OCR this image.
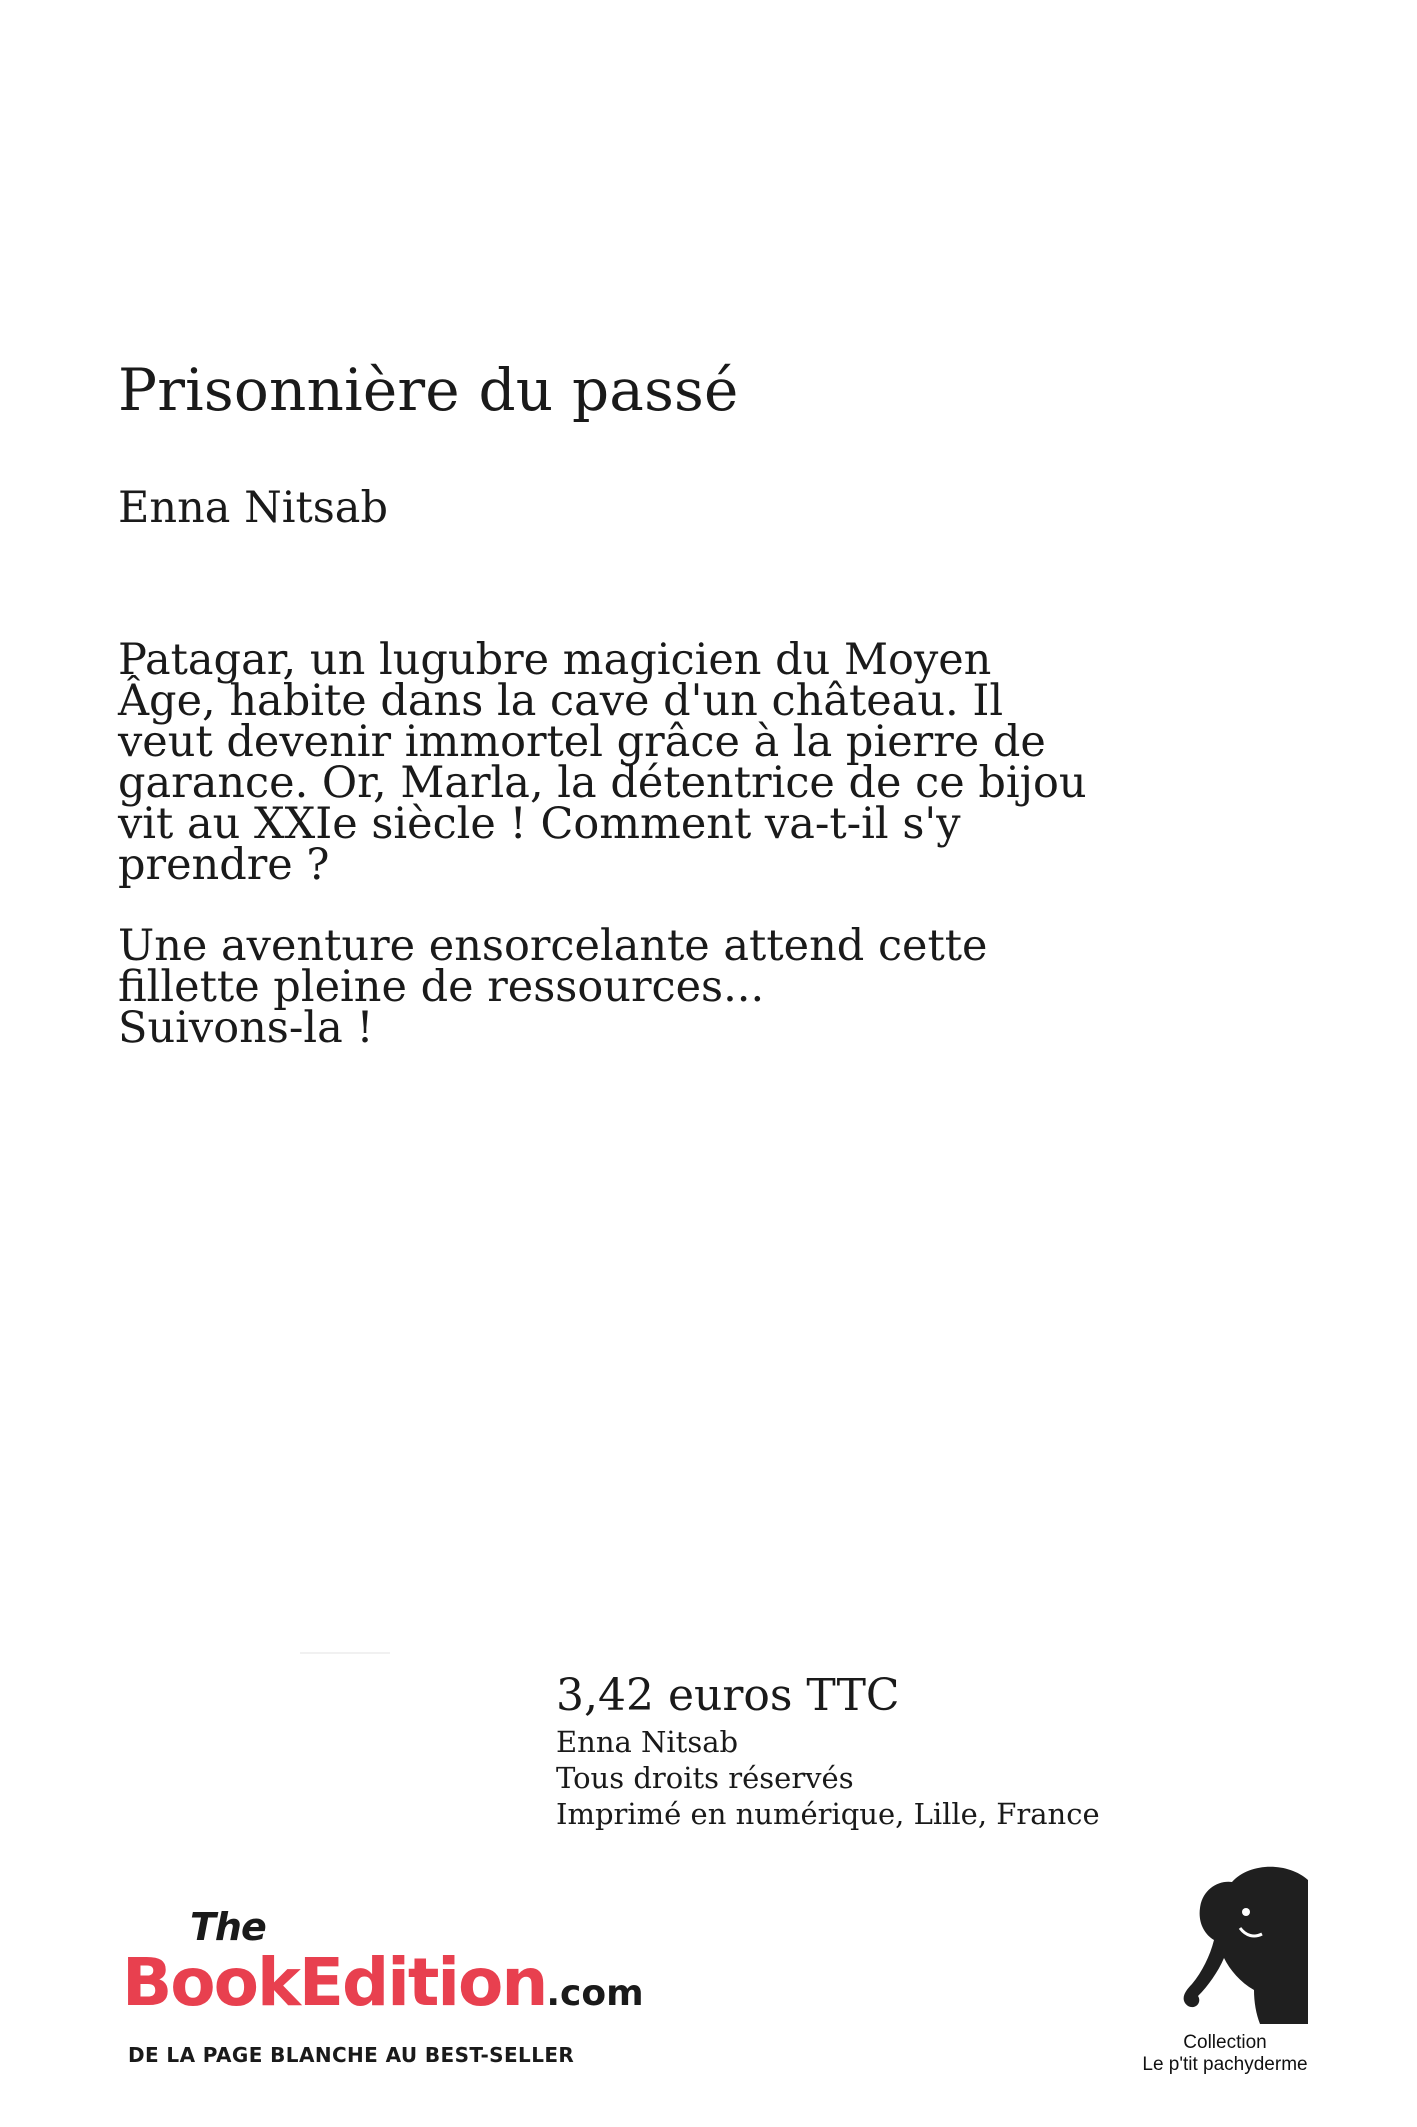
Prisonnière du passé
Enna Nitsab

Patagar, un lugubre magicien du Moyen
Âge, habite dans la cave d'un château. Il
veut devenir immortel grâce à la pierre de
garance. Or, Marla, la détentrice de ce bijou
vit au XXIe siècle ! Comment va-t-il s'y
prendre ?

Une aventure ensorcelante attend cette
fillette pleine de ressources...
Suivons-la !

3,42 euros TTC
Enna Nitsab
Tous droits réservés
Imprimé en numérique, Lille, France
The
BookEdition.com
DE LA PAGE BLANCHE AU BEST-SELLER
Collection
Le p'tit pachyderme
